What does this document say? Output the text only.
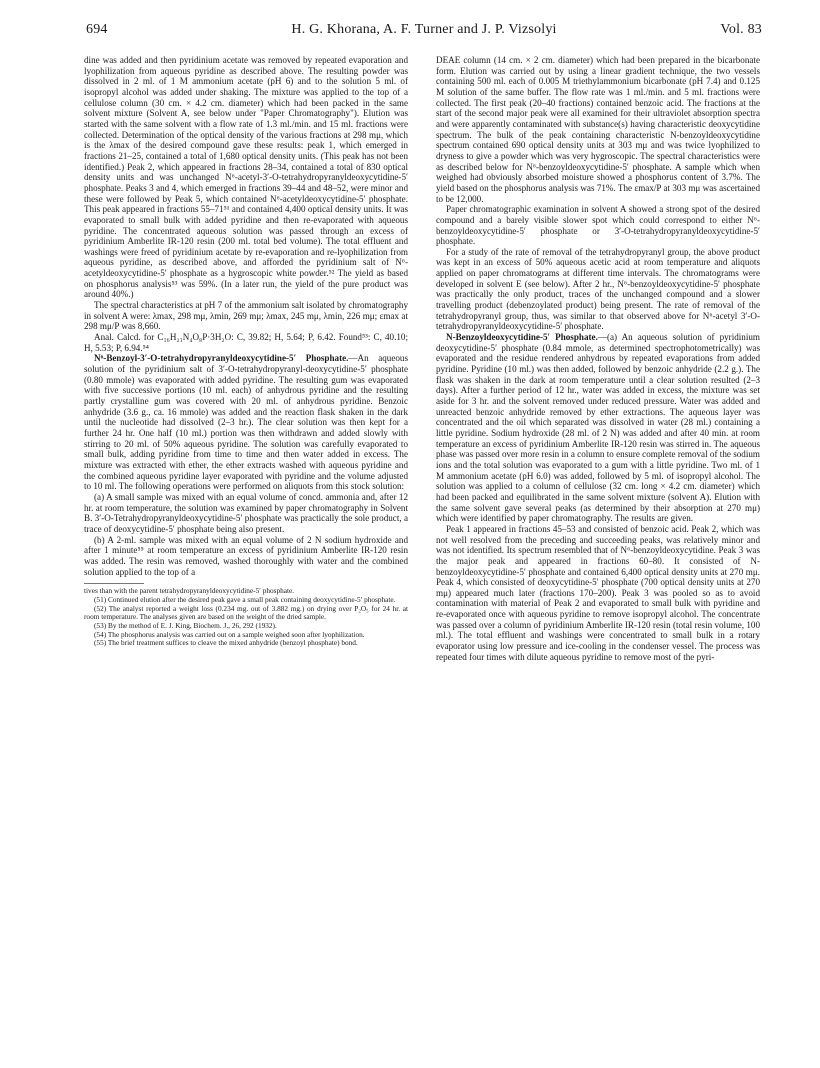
694	H. G. Khorana, A. F. Turner and J. P. Vizsolyi	Vol. 83

dine was added and then pyridinium acetate was removed by repeated evaporation and lyophilization from aqueous pyridine as described above. The resulting powder was dissolved in 2 ml. of 1 M ammonium acetate (pH 6) and to the solution 5 ml. of isopropyl alcohol was added under shaking. The mixture was applied to the top of a cellulose column (30 cm. × 4.2 cm. diameter) which had been packed in the same solvent mixture (Solvent A, see below under "Paper Chromatography"). Elution was started with the same solvent with a flow rate of 1.3 ml./min. and 15 ml. fractions were collected. Determination of the optical density of the various fractions at 298 mμ, which is the λmax of the desired compound gave these results: peak 1, which emerged in fractions 21–25, contained a total of 1,680 optical density units. (This peak has not been identified.) Peak 2, which appeared in fractions 28–34, contained a total of 830 optical density units and was unchanged N⁶-acetyl-3′-O-tetrahydropyranyldeoxycytidine-5′ phosphate. Peaks 3 and 4, which emerged in fractions 39–44 and 48–52, were minor and these were followed by Peak 5, which contained N⁶-acetyldeoxycytidine-5′ phosphate. This peak appeared in fractions 55–71⁵¹ and contained 4,400 optical density units. It was evaporated to small bulk with added pyridine and then re-evaporated with aqueous pyridine. The concentrated aqueous solution was passed through an excess of pyridinium Amberlite IR-120 resin (200 ml. total bed volume). The total effluent and washings were freed of pyridinium acetate by re-evaporation and re-lyophilization from aqueous pyridine, as described above, and afforded the pyridinium salt of N⁶-acetyldeoxycytidine-5′ phosphate as a hygroscopic white powder.⁵² The yield as based on phosphorus analysis⁵³ was 59%. (In a later run, the yield of the pure product was around 40%.)

The spectral characteristics at pH 7 of the ammonium salt isolated by chromatography in solvent A were: λmax, 298 mμ, λmin, 269 mμ; λmax, 245 mμ, λmin, 226 mμ; εmax at 298 mμ/P was 8,660.

Anal. Calcd. for C₁₆H₂₁N₄O₈P·3H₂O: C, 39.82; H, 5.64; P, 6.42. Found⁵³: C, 40.10; H, 5.53; P, 6.94.⁵⁴

N⁶-Benzoyl-3′-O-tetrahydropyranyldeoxycytidine-5′ Phosphate.—An aqueous solution of the pyridinium salt of 3′-O-tetrahydropyranyl-deoxycytidine-5′ phosphate (0.80 mmole) was evaporated with added pyridine. The resulting gum was evaporated with five successive portions (10 ml. each) of anhydrous pyridine and the resulting partly crystalline gum was covered with 20 ml. of anhydrous pyridine. Benzoic anhydride (3.6 g., ca. 16 mmole) was added and the reaction flask shaken in the dark until the nucleotide had dissolved (2–3 hr.). The clear solution was then kept for a further 24 hr. One half (10 ml.) portion was then withdrawn and added slowly with stirring to 20 ml. of 50% aqueous pyridine. The solution was carefully evaporated to small bulk, adding pyridine from time to time and then water added in excess. The mixture was extracted with ether, the ether extracts washed with aqueous pyridine and the combined aqueous pyridine layer evaporated with pyridine and the volume adjusted to 10 ml. The following operations were performed on aliquots from this stock solution:

(a) A small sample was mixed with an equal volume of concd. ammonia and, after 12 hr. at room temperature, the solution was examined by paper chromatography in Solvent B. 3′-O-Tetrahydropyranyldeoxycytidine-5′ phosphate was practically the sole product, a trace of deoxycytidine-5′ phosphate being also present.

(b) A 2-ml. sample was mixed with an equal volume of 2 N sodium hydroxide and after 1 minute⁵⁵ at room temperature an excess of pyridinium Amberlite IR-120 resin was added. The resin was removed, washed thoroughly with water and the combined solution applied to the top of a

tives than with the parent tetrahydropyranyldeoxycytidine-5′ phosphate.

(51) Continued elution after the desired peak gave a small peak containing deoxycytidine-5′ phosphate.

(52) The analyst reported a weight loss (0.234 mg. out of 3.882 mg.) on drying over P₂O₅ for 24 hr. at room temperature. The analyses given are based on the weight of the dried sample.

(53) By the method of E. J. King, Biochem. J., 26, 292 (1932).

(54) The phosphorus analysis was carried out on a sample weighed soon after lyophilization.

(55) The brief treatment suffices to cleave the mixed anhydride (benzoyl phosphate) bond.

DEAE column (14 cm. × 2 cm. diameter) which had been prepared in the bicarbonate form. Elution was carried out by using a linear gradient technique, the two vessels containing 500 ml. each of 0.005 M triethylammonium bicarbonate (pH 7.4) and 0.125 M solution of the same buffer. The flow rate was 1 ml./min. and 5 ml. fractions were collected. The first peak (20–40 fractions) contained benzoic acid. The fractions at the start of the second major peak were all examined for their ultraviolet absorption spectra and were apparently contaminated with substance(s) having characteristic deoxycytidine spectrum. The bulk of the peak containing characteristic N-benzoyldeoxycytidine spectrum contained 690 optical density units at 303 mμ and was twice lyophilized to dryness to give a powder which was very hygroscopic. The spectral characteristics were as described below for N⁶-benzoyldeoxycytidine-5′ phosphate. A sample which when weighed had obviously absorbed moisture showed a phosphorus content of 3.7%. The yield based on the phosphorus analysis was 71%. The εmax/P at 303 mμ was ascertained to be 12,000.

Paper chromatographic examination in solvent A showed a strong spot of the desired compound and a barely visible slower spot which could correspond to either N⁶-benzoyldeoxycytidine-5′ phosphate or 3′-O-tetrahydropyranyldeoxycytidine-5′ phosphate.

For a study of the rate of removal of the tetrahydropyranyl group, the above product was kept in an excess of 50% aqueous acetic acid at room temperature and aliquots applied on paper chromatograms at different time intervals. The chromatograms were developed in solvent E (see below). After 2 hr., N⁶-benzoyldeoxycytidine-5′ phosphate was practically the only product, traces of the unchanged compound and a slower travelling product (debenzoylated product) being present. The rate of removal of the tetrahydropyranyl group, thus, was similar to that observed above for N⁶-acetyl 3′-O-tetrahydropyranyldeoxycytidine-5′ phosphate.

N-Benzoyldeoxycytidine-5′ Phosphate.—(a) An aqueous solution of pyridinium deoxycytidine-5′ phosphate (0.84 mmole, as determined spectrophotometrically) was evaporated and the residue rendered anhydrous by repeated evaporations from added pyridine. Pyridine (10 ml.) was then added, followed by benzoic anhydride (2.2 g.). The flask was shaken in the dark at room temperature until a clear solution resulted (2–3 days). After a further period of 12 hr., water was added in excess, the mixture was set aside for 3 hr. and the solvent removed under reduced pressure. Water was added and unreacted benzoic anhydride removed by ether extractions. The aqueous layer was concentrated and the oil which separated was dissolved in water (28 ml.) containing a little pyridine. Sodium hydroxide (28 ml. of 2 N) was added and after 40 min. at room temperature an excess of pyridinium Amberlite IR-120 resin was stirred in. The aqueous phase was passed over more resin in a column to ensure complete removal of the sodium ions and the total solution was evaporated to a gum with a little pyridine. Two ml. of 1 M ammonium acetate (pH 6.0) was added, followed by 5 ml. of isopropyl alcohol. The solution was applied to a column of cellulose (32 cm. long × 4.2 cm. diameter) which had been packed and equilibrated in the same solvent mixture (solvent A). Elution with the same solvent gave several peaks (as determined by their absorption at 270 mμ) which were identified by paper chromatography. The results are given.

Peak 1 appeared in fractions 45–53 and consisted of benzoic acid. Peak 2, which was not well resolved from the preceding and succeeding peaks, was relatively minor and was not identified. Its spectrum resembled that of N⁶-benzoyldeoxycytidine. Peak 3 was the major peak and appeared in fractions 60–80. It consisted of N-benzoyldeoxycytidine-5′ phosphate and contained 6,400 optical density units at 270 mμ. Peak 4, which consisted of deoxycytidine-5′ phosphate (700 optical density units at 270 mμ) appeared much later (fractions 170–200). Peak 3 was pooled so as to avoid contamination with material of Peak 2 and evaporated to small bulk with pyridine and re-evaporated once with aqueous pyridine to remove isopropyl alcohol. The concentrate was passed over a column of pyridinium Amberlite IR-120 resin (total resin volume, 100 ml.). The total effluent and washings were concentrated to small bulk in a rotary evaporator using low pressure and ice-cooling in the condenser vessel. The process was repeated four times with dilute aqueous pyridine to remove most of the pyri-
